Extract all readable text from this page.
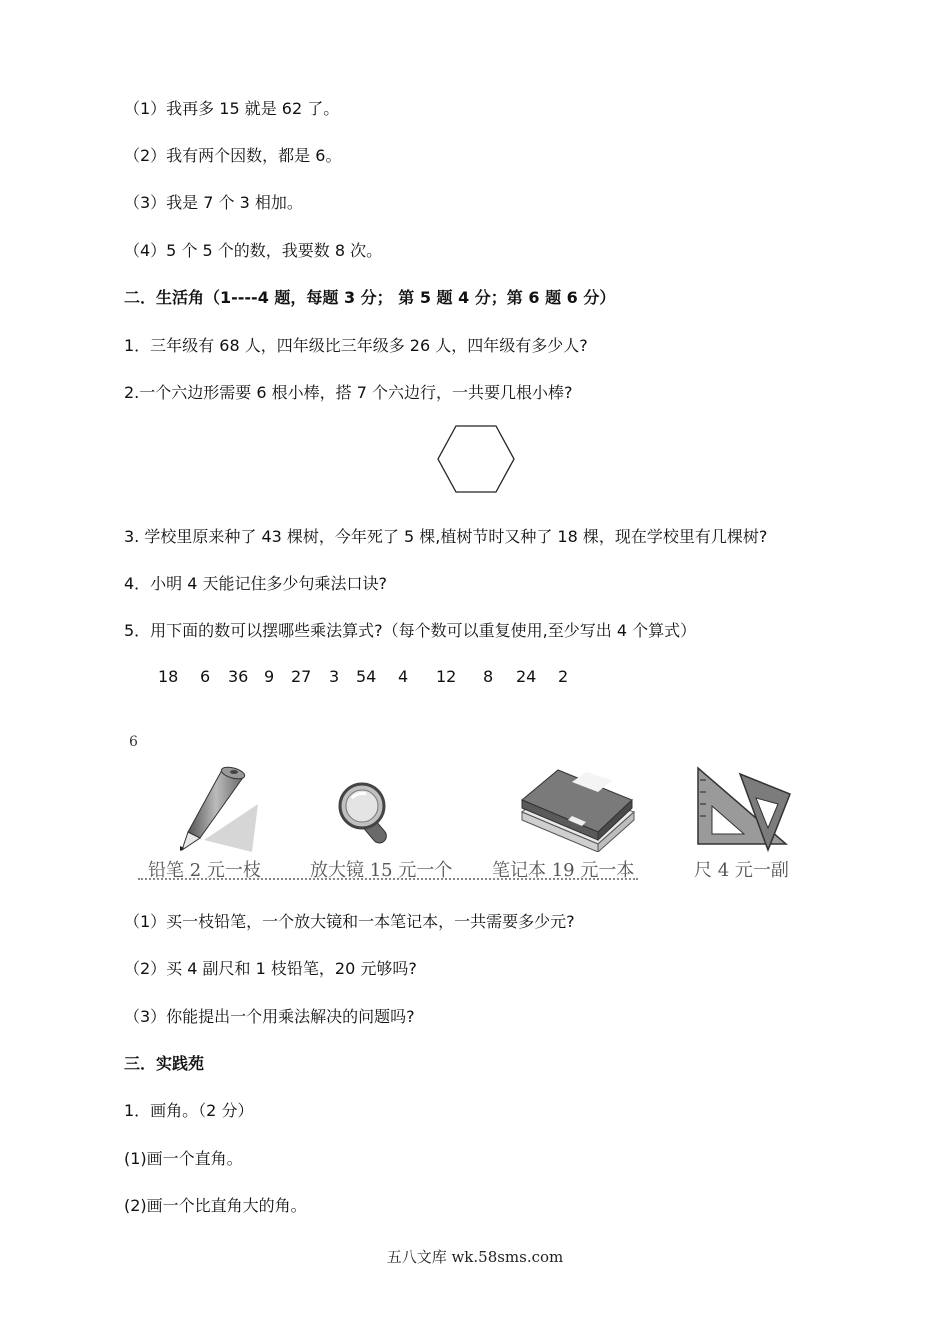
（1）我再多 15 就是 62 了。
（2）我有两个因数，都是 6。
（3）我是 7 个 3 相加。
（4）5 个 5 个的数，我要数 8 次。
二．生活角（1----4 题，每题 3 分； 第 5 题 4 分；第 6 题 6 分）
1．三年级有 68 人，四年级比三年级多 26 人，四年级有多少人?
2.一个六边形需要 6 根小棒，搭 7 个六边行，一共要几根小棒?
3. 学校里原来种了 43 棵树，今年死了 5 棵,植树节时又种了 18 棵，现在学校里有几棵树?
4．小明 4 天能记住多少句乘法口诀?
5．用下面的数可以摆哪些乘法算式?（每个数可以重复使用,至少写出 4 个算式）
18 6 36 9 27 3 54 4 12 8 24 2
6
铅笔 2 元一枝	放大镜 15 元一个 笔记本 19 元一本	尺 4 元一副
（1）买一枝铅笔，一个放大镜和一本笔记本，一共需要多少元?
（2）买 4 副尺和 1 枝铅笔，20 元够吗?
（3）你能提出一个用乘法解决的问题吗?
三．实践苑
1．画角。（2 分）
(1)画一个直角。
(2)画一个比直角大的角。
五八文库 wk.58sms.com
